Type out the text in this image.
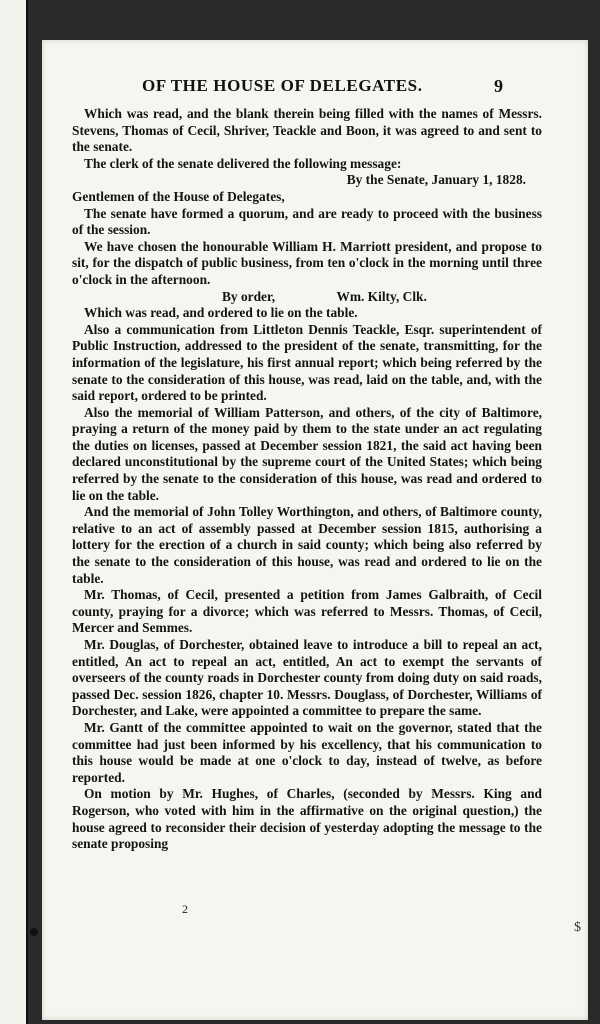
OF THE HOUSE OF DELEGATES.	9

Which was read, and the blank therein being filled with the names of Messrs. Stevens, Thomas of Cecil, Shriver, Teackle and Boon, it was agreed to and sent to the senate.

The clerk of the senate delivered the following message:

By the Senate, January 1, 1828.

Gentlemen of the House of Delegates,

The senate have formed a quorum, and are ready to proceed with the business of the session.

We have chosen the honourable William H. Marriott president, and propose to sit, for the dispatch of public business, from ten o'clock in the morning until three o'clock in the afternoon.

By order,	Wm. Kilty, Clk.

Which was read, and ordered to lie on the table.

Also a communication from Littleton Dennis Teackle, Esqr. superintendent of Public Instruction, addressed to the president of the senate, transmitting, for the information of the legislature, his first annual report; which being referred by the senate to the consideration of this house, was read, laid on the table, and, with the said report, ordered to be printed.

Also the memorial of William Patterson, and others, of the city of Baltimore, praying a return of the money paid by them to the state under an act regulating the duties on licenses, passed at December session 1821, the said act having been declared unconstitutional by the supreme court of the United States; which being referred by the senate to the consideration of this house, was read and ordered to lie on the table.

And the memorial of John Tolley Worthington, and others, of Baltimore county, relative to an act of assembly passed at December session 1815, authorising a lottery for the erection of a church in said county; which being also referred by the senate to the consideration of this house, was read and ordered to lie on the table.

Mr. Thomas, of Cecil, presented a petition from James Galbraith, of Cecil county, praying for a divorce; which was referred to Messrs. Thomas, of Cecil, Mercer and Semmes.

Mr. Douglas, of Dorchester, obtained leave to introduce a bill to repeal an act, entitled, An act to repeal an act, entitled, An act to exempt the servants of overseers of the county roads in Dorchester county from doing duty on said roads, passed Dec. session 1826, chapter 10. Messrs. Douglass, of Dorchester, Williams of Dorchester, and Lake, were appointed a committee to prepare the same.

Mr. Gantt of the committee appointed to wait on the governor, stated that the committee had just been informed by his excellency, that his communication to this house would be made at one o'clock to day, instead of twelve, as before reported.

On motion by Mr. Hughes, of Charles, (seconded by Messrs. King and Rogerson, who voted with him in the affirmative on the original question,) the house agreed to reconsider their decision of yesterday adopting the message to the senate proposing

2
$
